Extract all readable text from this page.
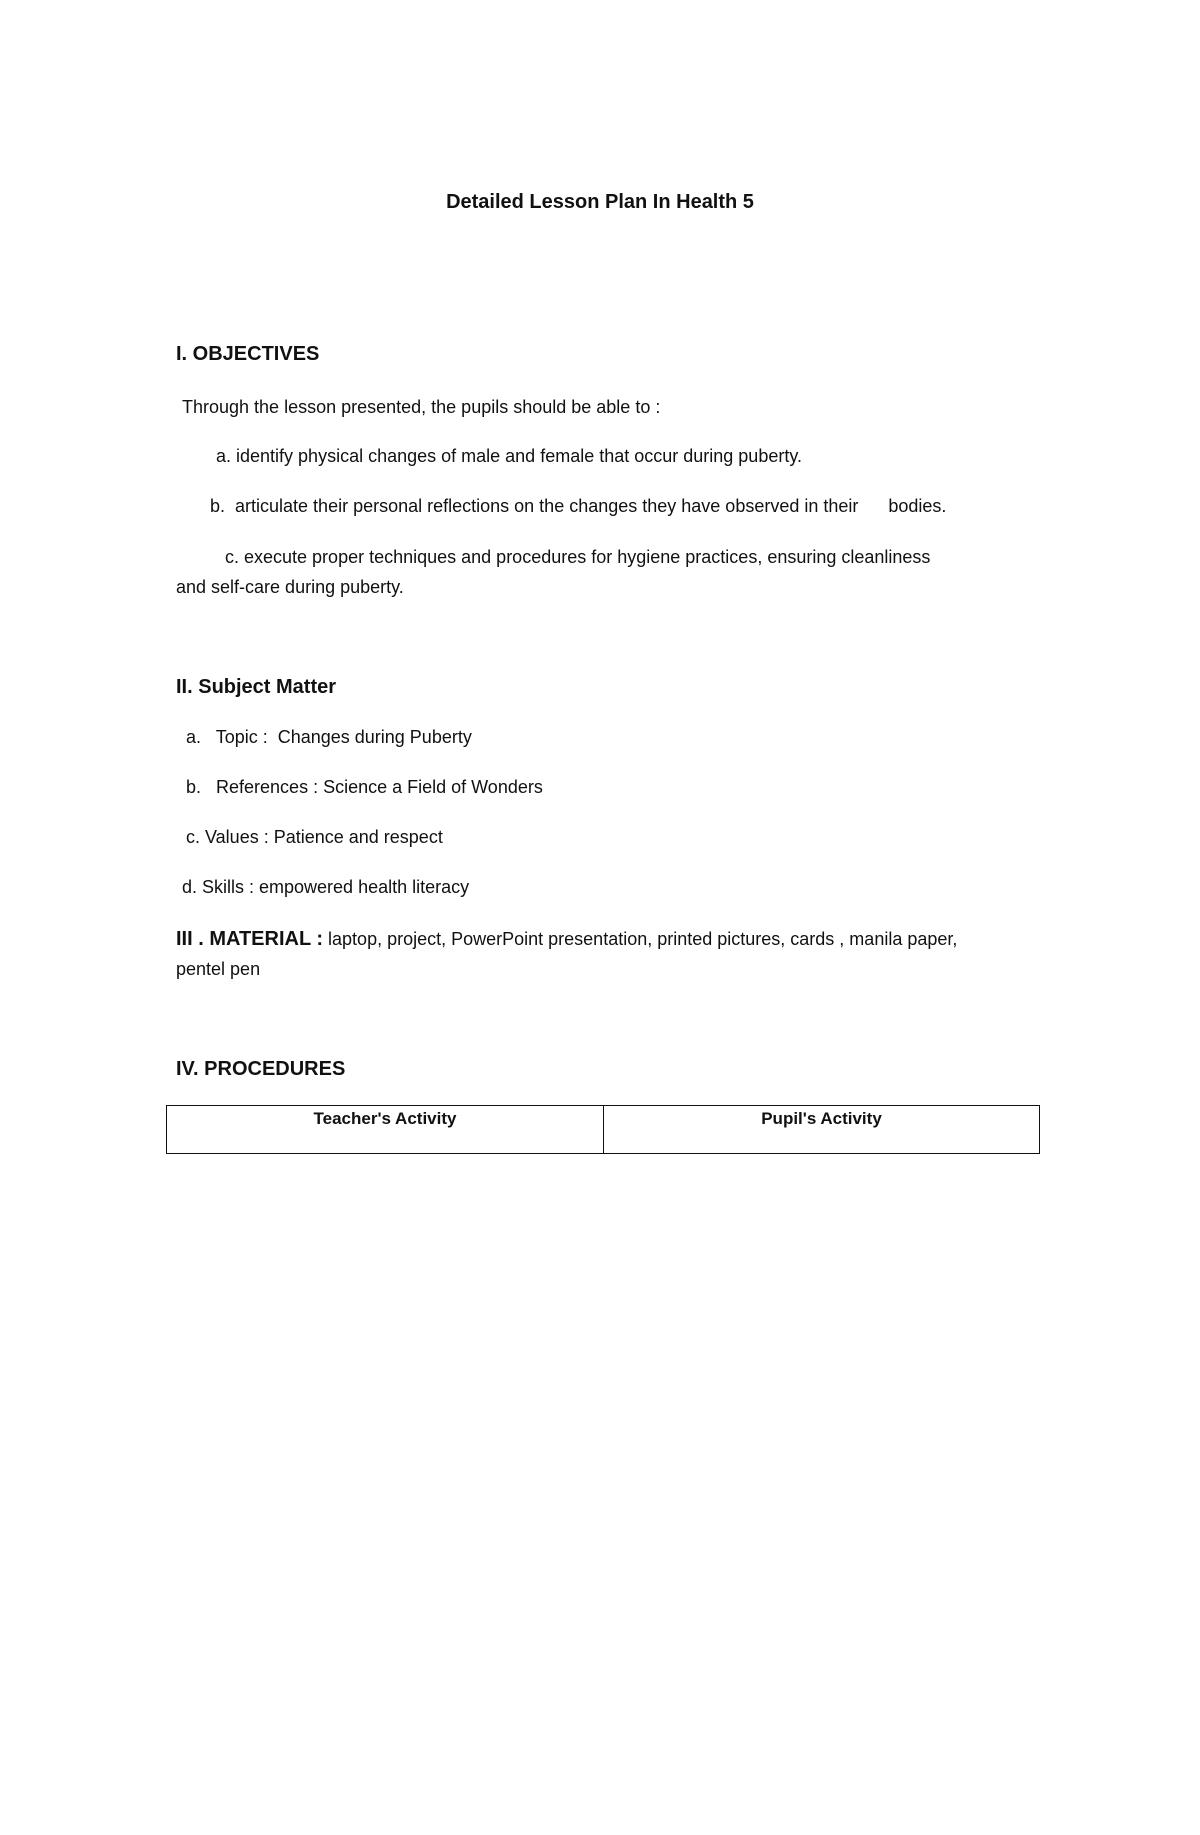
Detailed Lesson Plan In Health 5
I. OBJECTIVES
Through the lesson presented, the pupils should be able to :
a. identify physical changes of male and female that occur during puberty.
b.  articulate their personal reflections on the changes they have observed in their      bodies.
c. execute proper techniques and procedures for hygiene practices, ensuring cleanliness
and self-care during puberty.
II. Subject Matter
a.   Topic :  Changes during Puberty
b.   References : Science a Field of Wonders
c. Values : Patience and respect
d. Skills : empowered health literacy
III . MATERIAL : laptop, project, PowerPoint presentation, printed pictures, cards , manila paper,
pentel pen
IV. PROCEDURES
Teacher's Activity	Pupil's Activity
